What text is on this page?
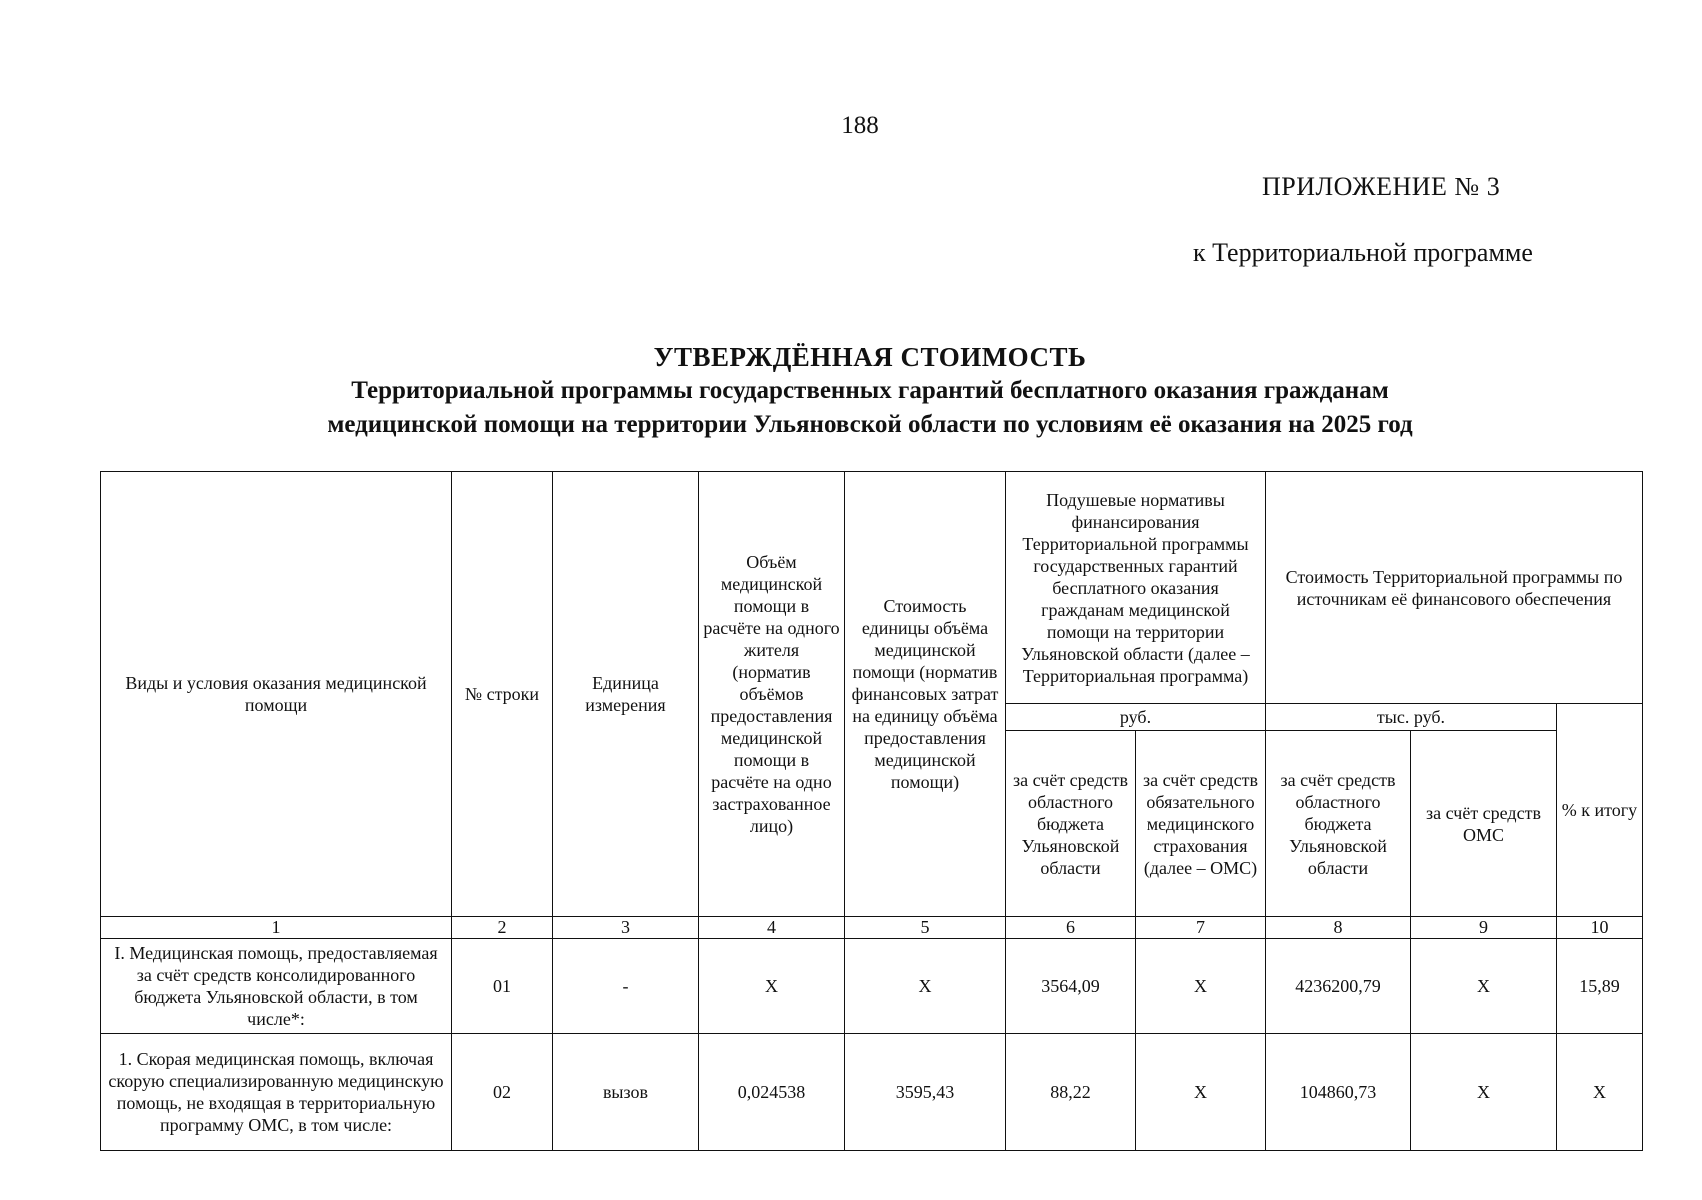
188
ПРИЛОЖЕНИЕ № 3
к Территориальной программе
УТВЕРЖДЁННАЯ СТОИМОСТЬ
Территориальной программы государственных гарантий бесплатного оказания гражданам
медицинской помощи на территории Ульяновской области по условиям её оказания на 2025 год
Виды и условия оказания медицинской помощи	№ строки	Единица измерения	Объём медицинской помощи в расчёте на одного жителя (норматив объёмов предоставления медицинской помощи в расчёте на одно застрахованное лицо)	Стоимость единицы объёма медицинской помощи (норматив финансовых затрат на единицу объёма предоставления медицинской помощи)	Подушевые нормативы финансирования Территориальной программы государственных гарантий бесплатного оказания гражданам медицинской помощи на территории Ульяновской области (далее – Территориальная программа)		Стоимость Территориальной программы по источникам её финансового обеспечения		
					руб.		тыс. руб.		% к итогу
					за счёт средств областного бюджета Ульяновской области	за счёт средств обязательного медицинского страхования (далее – ОМС)	за счёт средств областного бюджета Ульяновской области	за счёт средств ОМС	
1	2	3	4	5	6	7	8	9	10
I. Медицинская помощь, предоставляемая за счёт средств консолидированного бюджета Ульяновской области, в том числе*:	01	-	Х	Х	3564,09	Х	4236200,79	Х	15,89
1. Скорая медицинская помощь, включая скорую специализированную медицинскую помощь, не входящая в территориальную программу ОМС, в том числе:	02	вызов	0,024538	3595,43	88,22	Х	104860,73	Х	Х
